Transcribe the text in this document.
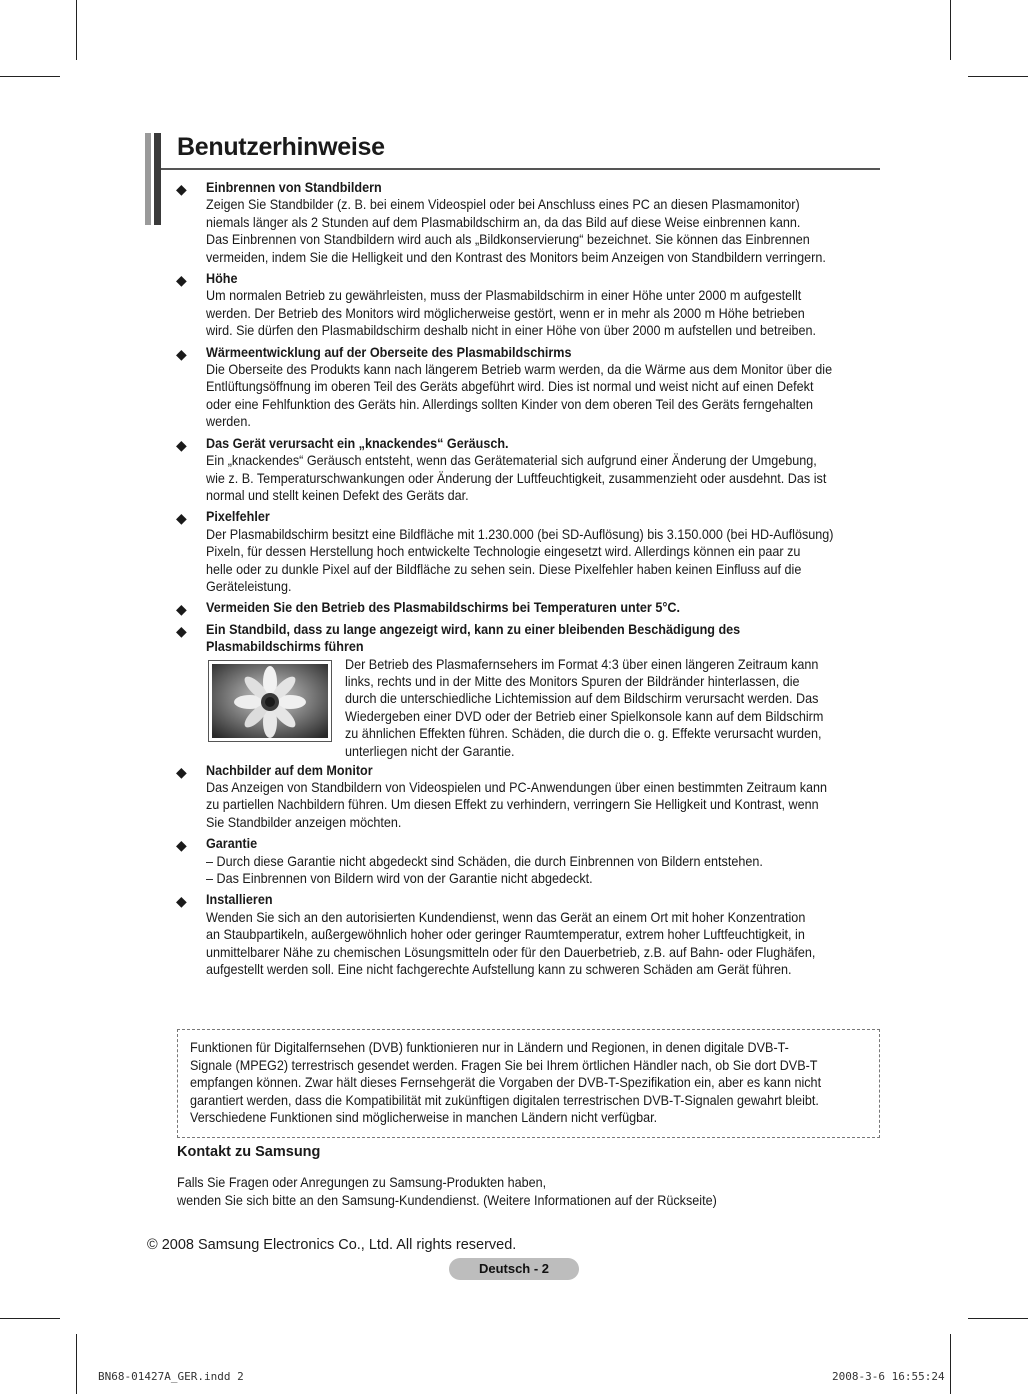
Benutzerhinweise
◆ Einbrennen von Standbildern
Zeigen Sie Standbilder (z. B. bei einem Videospiel oder bei Anschluss eines PC an diesen Plasmamonitor)
niemals länger als 2 Stunden auf dem Plasmabildschirm an, da das Bild auf diese Weise einbrennen kann.
Das Einbrennen von Standbildern wird auch als „Bildkonservierung“ bezeichnet. Sie können das Einbrennen
vermeiden, indem Sie die Helligkeit und den Kontrast des Monitors beim Anzeigen von Standbildern verringern.
◆ Höhe
Um normalen Betrieb zu gewährleisten, muss der Plasmabildschirm in einer Höhe unter 2000 m aufgestellt
werden. Der Betrieb des Monitors wird möglicherweise gestört, wenn er in mehr als 2000 m Höhe betrieben
wird. Sie dürfen den Plasmabildschirm deshalb nicht in einer Höhe von über 2000 m aufstellen und betreiben.
◆ Wärmeentwicklung auf der Oberseite des Plasmabildschirms
Die Oberseite des Produkts kann nach längerem Betrieb warm werden, da die Wärme aus dem Monitor über die
Entlüftungsöffnung im oberen Teil des Geräts abgeführt wird. Dies ist normal und weist nicht auf einen Defekt
oder eine Fehlfunktion des Geräts hin. Allerdings sollten Kinder von dem oberen Teil des Geräts ferngehalten
werden.
◆ Das Gerät verursacht ein „knackendes“ Geräusch.
Ein „knackendes“ Geräusch entsteht, wenn das Gerätematerial sich aufgrund einer Änderung der Umgebung,
wie z. B. Temperaturschwankungen oder Änderung der Luftfeuchtigkeit, zusammenzieht oder ausdehnt. Das ist
normal und stellt keinen Defekt des Geräts dar.
◆ Pixelfehler
Der Plasmabildschirm besitzt eine Bildfläche mit 1.230.000 (bei SD-Auflösung) bis 3.150.000 (bei HD-Auflösung)
Pixeln, für dessen Herstellung hoch entwickelte Technologie eingesetzt wird. Allerdings können ein paar zu
helle oder zu dunkle Pixel auf der Bildfläche zu sehen sein. Diese Pixelfehler haben keinen Einfluss auf die
Geräteleistung.
◆ Vermeiden Sie den Betrieb des Plasmabildschirms bei Temperaturen unter 5°C.
◆ Ein Standbild, dass zu lange angezeigt wird, kann zu einer bleibenden Beschädigung des
Plasmabildschirms führen
Der Betrieb des Plasmafernsehers im Format 4:3 über einen längeren Zeitraum kann
links, rechts und in der Mitte des Monitors Spuren der Bildränder hinterlassen, die
durch die unterschiedliche Lichtemission auf dem Bildschirm verursacht werden. Das
Wiedergeben einer DVD oder der Betrieb einer Spielkonsole kann auf dem Bildschirm
zu ähnlichen Effekten führen. Schäden, die durch die o. g. Effekte verursacht wurden,
unterliegen nicht der Garantie.
◆ Nachbilder auf dem Monitor
Das Anzeigen von Standbildern von Videospielen und PC-Anwendungen über einen bestimmten Zeitraum kann
zu partiellen Nachbildern führen. Um diesen Effekt zu verhindern, verringern Sie Helligkeit und Kontrast, wenn
Sie Standbilder anzeigen möchten.
◆ Garantie
– Durch diese Garantie nicht abgedeckt sind Schäden, die durch Einbrennen von Bildern entstehen.
– Das Einbrennen von Bildern wird von der Garantie nicht abgedeckt.
◆ Installieren
Wenden Sie sich an den autorisierten Kundendienst, wenn das Gerät an einem Ort mit hoher Konzentration
an Staubpartikeln, außergewöhnlich hoher oder geringer Raumtemperatur, extrem hoher Luftfeuchtigkeit, in
unmittelbarer Nähe zu chemischen Lösungsmitteln oder für den Dauerbetrieb, z.B. auf Bahn- oder Flughäfen,
aufgestellt werden soll. Eine nicht fachgerechte Aufstellung kann zu schweren Schäden am Gerät führen.
Funktionen für Digitalfernsehen (DVB) funktionieren nur in Ländern und Regionen, in denen digitale DVB-T-
Signale (MPEG2) terrestrisch gesendet werden. Fragen Sie bei Ihrem örtlichen Händler nach, ob Sie dort DVB-T
empfangen können. Zwar hält dieses Fernsehgerät die Vorgaben der DVB-T-Spezifikation ein, aber es kann nicht
garantiert werden, dass die Kompatibilität mit zukünftigen digitalen terrestrischen DVB-T-Signalen gewahrt bleibt.
Verschiedene Funktionen sind möglicherweise in manchen Ländern nicht verfügbar.
Kontakt zu Samsung
Falls Sie Fragen oder Anregungen zu Samsung-Produkten haben,
wenden Sie sich bitte an den Samsung-Kundendienst. (Weitere Informationen auf der Rückseite)
© 2008 Samsung Electronics Co., Ltd. All rights reserved.
Deutsch - 2
BN68-01427A_GER.indd 2	2008-3-6 16:55:24
